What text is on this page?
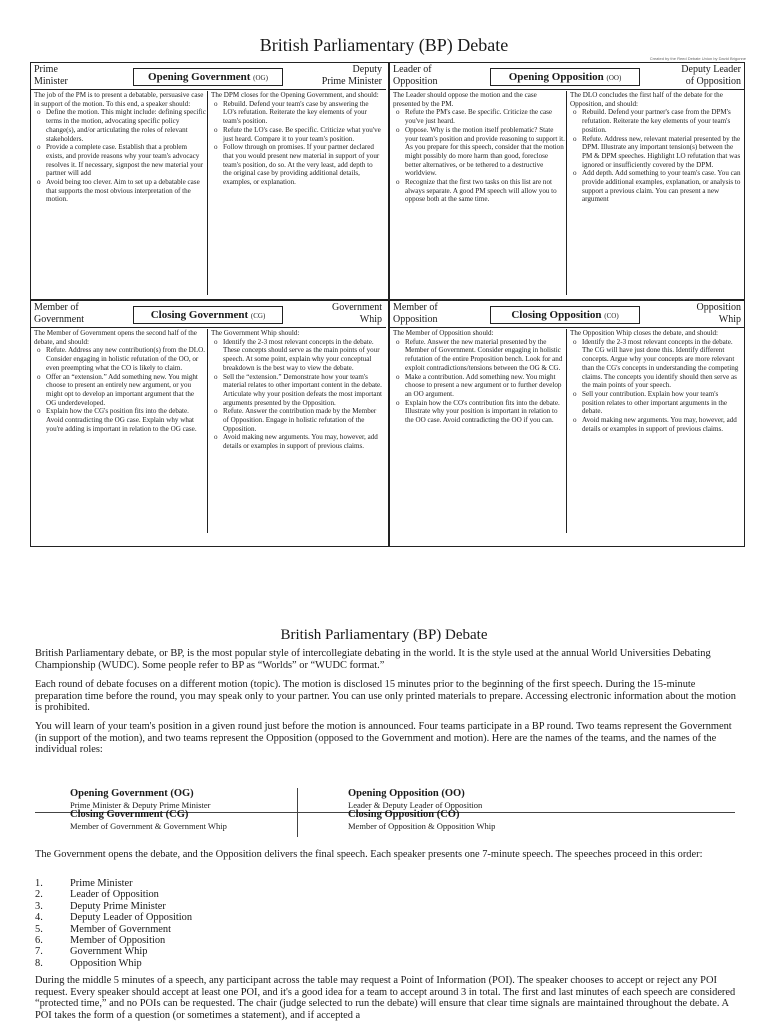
British Parliamentary (BP) Debate
Created by the Reed Debate Union by David Brigonne
Prime
Minister	Opening Government (OG)
Deputy
Prime Minister
The job of the PM is to present a debatable, persuasive case in support of the motion. To this end, a speaker should:
o Define the motion. This might include: defining specific terms in the motion, advocating specific policy change(s), and/or articulating the roles of relevant stakeholders.
o Provide a complete case. Establish that a problem exists, and provide reasons why your team's advocacy resolves it. If necessary, signpost the new material your partner will add
o Avoid being too clever. Aim to set up a debatable case that supports the most obvious interpretation of the motion.
The DPM closes for the Opening Government, and should:
o Rebuild. Defend your team's case by answering the LO's refutation. Reiterate the key elements of your team's position.
o Refute the LO's case. Be specific. Criticize what you've just heard. Compare it to your team's position.
o Follow through on promises. If your partner declared that you would present new material in support of your team's position, do so. At the very least, add depth to the original case by providing additional details, examples, or explanation.
Leader of
Opposition	Opening Opposition (OO)
Deputy Leader
of Opposition
The Leader should oppose the motion and the case presented by the PM.
o Refute the PM's case. Be specific. Criticize the case you've just heard.
o Oppose. Why is the motion itself problematic? State your team's position and provide reasoning to support it. As you prepare for this speech, consider that the motion might possibly do more harm than good, foreclose better alternatives, or be tethered to a destructive worldview.
o Recognize that the first two tasks on this list are not always separate. A good PM speech will allow you to oppose both at the same time.
The DLO concludes the first half of the debate for the Opposition, and should:
o Rebuild. Defend your partner's case from the DPM's refutation. Reiterate the key elements of your team's position.
o Refute. Address new, relevant material presented by the DPM. Illustrate any important tension(s) between the PM & DPM speeches. Highlight LO refutation that was ignored or insufficiently covered by the DPM.
o Add depth. Add something to your team's case. You can provide additional examples, explanation, or analysis to support a previous claim. You can present a new argument
Member of
Government	Closing Government (CG)
Government
Whip
The Member of Government opens the second half of the debate, and should:
o Refute. Address any new contribution(s) from the DLO. Consider engaging in holistic refutation of the OO, or even preempting what the CO is likely to claim.
o Offer an “extension.” Add something new. You might choose to present an entirely new argument, or you might opt to develop an important argument that the OG underdeveloped.
o Explain how the CG's position fits into the debate. Avoid contradicting the OG case. Explain why what you're adding is important in relation to the OG case.
The Government Whip should:
o Identify the 2-3 most relevant concepts in the debate. These concepts should serve as the main points of your speech. At some point, explain why your conceptual breakdown is the best way to view the debate.
o Sell the “extension.” Demonstrate how your team's material relates to other important content in the debate. Articulate why your position defeats the most important arguments presented by the Opposition.
o Refute. Answer the contribution made by the Member of Opposition. Engage in holistic refutation of the Opposition.
o Avoid making new arguments. You may, however, add details or examples in support of previous claims.
Member of
Opposition	Closing Opposition (CO)
Opposition
Whip
The Member of Opposition should:
o Refute. Answer the new material presented by the Member of Government. Consider engaging in holistic refutation of the entire Proposition bench. Look for and exploit contradictions/tensions between the OG & CG.
o Make a contribution. Add something new. You might choose to present a new argument or to further develop an OO argument.
o Explain how the CO's contribution fits into the debate. Illustrate why your position is important in relation to the OO case. Avoid contradicting the OO if you can.
The Opposition Whip closes the debate, and should:
o Identify the 2-3 most relevant concepts in the debate. The CG will have just done this. Identify different concepts. Argue why your concepts are more relevant than the CG's concepts in understanding the competing claims. The concepts you identify should then serve as the main points of your speech.
o Sell your contribution. Explain how your team's position relates to other important arguments in the debate.
o Avoid making new arguments. You may, however, add details or examples in support of previous claims.
British Parliamentary (BP) Debate
British Parliamentary debate, or BP, is the most popular style of intercollegiate debating in the world. It is the style used at the annual World Universities Debating Championship (WUDC). Some people refer to BP as “Worlds” or “WUDC format.”
Each round of debate focuses on a different motion (topic). The motion is disclosed 15 minutes prior to the beginning of the first speech. During the 15-minute preparation time before the round, you may speak only to your partner. You can use only printed materials to prepare. Accessing electronic information about the motion is prohibited.
You will learn of your team's position in a given round just before the motion is announced. Four teams participate in a BP round. Two teams represent the Government (in support of the motion), and two teams represent the Opposition (opposed to the Government and motion). Here are the names of the teams, and the names of the individual roles:
Opening Government (OG)
Prime Minister & Deputy Prime Minister
Opening Opposition (OO)
Leader & Deputy Leader of Opposition
Closing Government (CG)
Member of Government & Government Whip
Closing Opposition (CO)
Member of Opposition & Opposition Whip
The Government opens the debate, and the Opposition delivers the final speech. Each speaker presents one 7-minute speech. The speeches proceed in this order:
1.	Prime Minister
2.	Leader of Opposition
3.	Deputy Prime Minister
4.	Deputy Leader of Opposition
5.	Member of Government
6.	Member of Opposition
7.	Government Whip
8.	Opposition Whip
During the middle 5 minutes of a speech, any participant across the table may request a Point of Information (POI). The speaker chooses to accept or reject any POI request. Every speaker should accept at least one POI, and it's a good idea for a team to accept around 3 in total. The first and last minutes of each speech are considered “protected time,” and no POIs can be requested. The chair (judge selected to run the debate) will ensure that clear time signals are maintained throughout the debate. A POI takes the form of a question (or sometimes a statement), and if accepted a
